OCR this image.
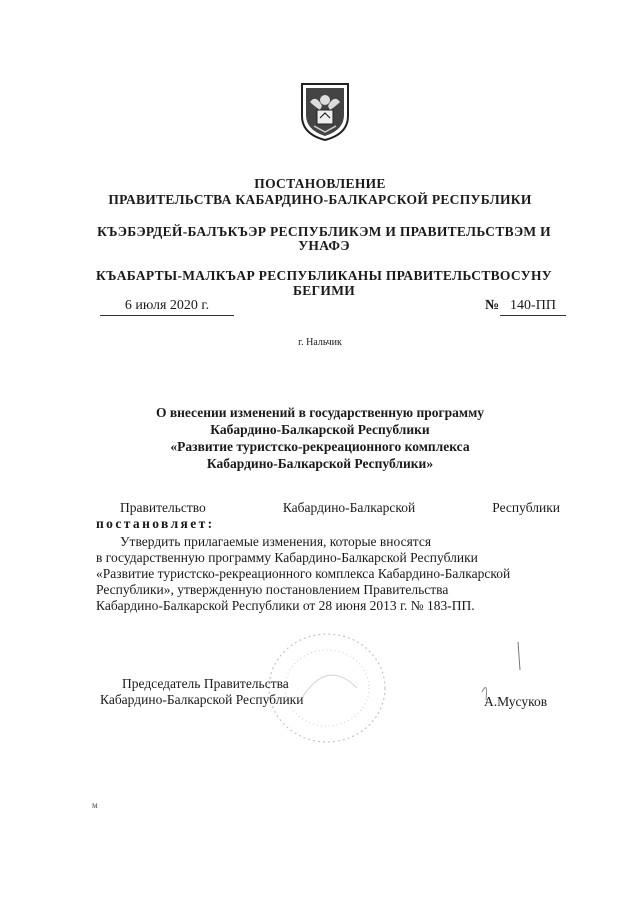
ПОСТАНОВЛЕНИЕ
ПРАВИТЕЛЬСТВА КАБАРДИНО-БАЛКАРСКОЙ РЕСПУБЛИКИ
КЪЭБЭРДЕЙ-БАЛЪКЪЭР РЕСПУБЛИКЭМ И ПРАВИТЕЛЬСТВЭМ И
УНАФЭ
КЪАБАРТЫ-МАЛКЪАР РЕСПУБЛИКАНЫ ПРАВИТЕЛЬСТВОСУНУ
БЕГИМИ
6 июля 2020 г.	№ 140-ПП
г. Нальчик
О внесении изменений в государственную программу
Кабардино-Балкарской Республики
«Развитие туристско-рекреационного комплекса
Кабардино-Балкарской Республики»
Правительство	Кабардино-Балкарской	Республики
постановляет:
Утвердить прилагаемые изменения, которые вносятся
в государственную программу Кабардино-Балкарской Республики
«Развитие туристско-рекреационного комплекса Кабардино-Балкарской
Республики», утвержденную постановлением Правительства
Кабардино-Балкарской Республики от 28 июня 2013 г. № 183-ПП.
Председатель Правительства
Кабардино-Балкарской Республики	А.Мусуков
м
